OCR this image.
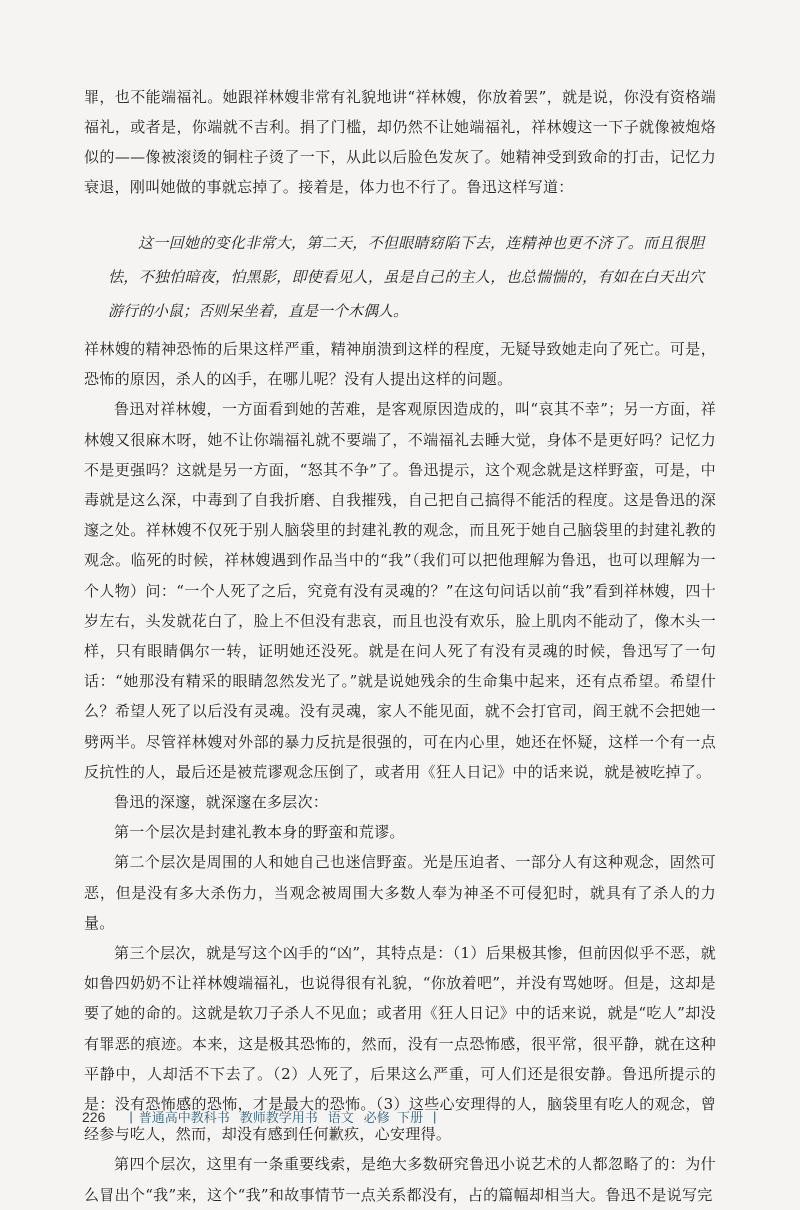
罪，也不能端福礼。她跟祥林嫂非常有礼貌地讲“祥林嫂，你放着罢”，就是说，你没有资格端福礼，或者是，你端就不吉利。捐了门槛，却仍然不让她端福礼，祥林嫂这一下子就像被炮烙似的——像被滚烫的铜柱子烫了一下，从此以后脸色发灰了。她精神受到致命的打击，记忆力衰退，刚叫她做的事就忘掉了。接着是，体力也不行了。鲁迅这样写道：

这一回她的变化非常大，第二天，不但眼睛窈陷下去，连精神也更不济了。而且很胆怯，不独怕暗夜，怕黑影，即使看见人，虽是自己的主人，也总惴惴的，有如在白天出穴游行的小鼠；否则呆坐着，直是一个木偶人。

祥林嫂的精神恐怖的后果这样严重，精神崩溃到这样的程度，无疑导致她走向了死亡。可是，恐怖的原因，杀人的凶手，在哪儿呢？没有人提出这样的问题。

鲁迅对祥林嫂，一方面看到她的苦难，是客观原因造成的，叫“哀其不幸”；另一方面，祥林嫂又很麻木呀，她不让你端福礼就不要端了，不端福礼去睡大觉，身体不是更好吗？记忆力不是更强吗？这就是另一方面，“怒其不争”了。鲁迅提示，这个观念就是这样野蛮，可是，中毒就是这么深，中毒到了自我折磨、自我摧残，自己把自己搞得不能活的程度。这是鲁迅的深邃之处。祥林嫂不仅死于别人脑袋里的封建礼教的观念，而且死于她自己脑袋里的封建礼教的观念。临死的时候，祥林嫂遇到作品当中的“我”（我们可以把他理解为鲁迅，也可以理解为一个人物）问：“一个人死了之后，究竟有没有灵魂的？”在这句问话以前“我”看到祥林嫂，四十岁左右，头发就花白了，脸上不但没有悲哀，而且也没有欢乐，脸上肌肉不能动了，像木头一样，只有眼睛偶尔一转，证明她还没死。就是在问人死了有没有灵魂的时候，鲁迅写了一句话：“她那没有精采的眼睛忽然发光了。”就是说她残余的生命集中起来，还有点希望。希望什么？希望人死了以后没有灵魂。没有灵魂，家人不能见面，就不会打官司，阎王就不会把她一劈两半。尽管祥林嫂对外部的暴力反抗是很强的，可在内心里，她还在怀疑，这样一个有一点反抗性的人，最后还是被荒谬观念压倒了，或者用《狂人日记》中的话来说，就是被吃掉了。

鲁迅的深邃，就深邃在多层次：

第一个层次是封建礼教本身的野蛮和荒谬。

第二个层次是周围的人和她自己也迷信野蛮。光是压迫者、一部分人有这种观念，固然可恶，但是没有多大杀伤力，当观念被周围大多数人奉为神圣不可侵犯时，就具有了杀人的力量。

第三个层次，就是写这个凶手的“凶”，其特点是：（1）后果极其惨，但前因似乎不恶，就如鲁四奶奶不让祥林嫂端福礼，也说得很有礼貌，“你放着吧”，并没有骂她呀。但是，这却是要了她的命的。这就是软刀子杀人不见血；或者用《狂人日记》中的话来说，就是“吃人”却没有罪恶的痕迹。本来，这是极其恐怖的，然而，没有一点恐怖感，很平常，很平静，就在这种平静中，人却活不下去了。（2）人死了，后果这么严重，可人们还是很安静。鲁迅所提示的是：没有恐怖感的恐怖，才是最大的恐怖。（3）这些心安理得的人，脑袋里有吃人的观念，曾经参与吃人，然而，却没有感到任何歉疚，心安理得。

第四个层次，这里有一条重要线索，是绝大多数研究鲁迅小说艺术的人都忽略了的：为什么冒出个“我”来，这个“我”和故事情节一点关系都没有，占的篇幅却相当大。鲁迅不是说写完

226 | 普通高中教科书 教师教学用书 语文 必修  下册 |
